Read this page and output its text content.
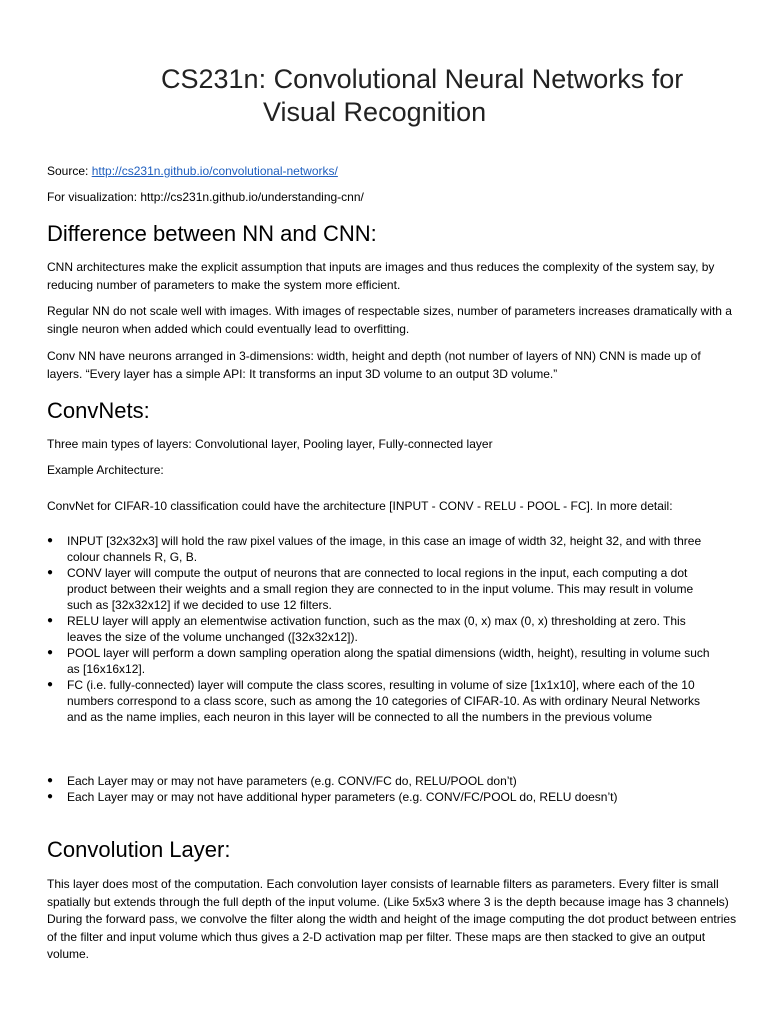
CS231n: Convolutional Neural Networks for
Visual Recognition
Source: http://cs231n.github.io/convolutional-networks/
For visualization: http://cs231n.github.io/understanding-cnn/
Difference between NN and CNN:
CNN architectures make the explicit assumption that inputs are images and thus reduces the complexity of the system say, by reducing number of parameters to make the system more efficient.
Regular NN do not scale well with images. With images of respectable sizes, number of parameters increases dramatically with a single neuron when added which could eventually lead to overfitting.
Conv NN have neurons arranged in 3-dimensions: width, height and depth (not number of layers of NN) CNN is made up of layers. “Every layer has a simple API: It transforms an input 3D volume to an output 3D volume.”
ConvNets:
Three main types of layers: Convolutional layer, Pooling layer, Fully-connected layer
Example Architecture:
ConvNet for CIFAR-10 classification could have the architecture [INPUT - CONV - RELU - POOL - FC]. In more detail:
●	INPUT [32x32x3] will hold the raw pixel values of the image, in this case an image of width 32, height 32, and with three colour channels R, G, B.
●	CONV layer will compute the output of neurons that are connected to local regions in the input, each computing a dot product between their weights and a small region they are connected to in the input volume. This may result in volume such as [32x32x12] if we decided to use 12 filters.
●	RELU layer will apply an elementwise activation function, such as the max (0, x) max (0, x) thresholding at zero. This leaves the size of the volume unchanged ([32x32x12]).
●	POOL layer will perform a down sampling operation along the spatial dimensions (width, height), resulting in volume such as [16x16x12].
●	FC (i.e. fully-connected) layer will compute the class scores, resulting in volume of size [1x1x10], where each of the 10 numbers correspond to a class score, such as among the 10 categories of CIFAR-10. As with ordinary Neural Networks and as the name implies, each neuron in this layer will be connected to all the numbers in the previous volume
●	Each Layer may or may not have parameters (e.g. CONV/FC do, RELU/POOL don’t)
●	Each Layer may or may not have additional hyper parameters (e.g. CONV/FC/POOL do, RELU doesn’t)
Convolution Layer:
This layer does most of the computation. Each convolution layer consists of learnable filters as parameters. Every filter is small spatially but extends through the full depth of the input volume. (Like 5x5x3 where 3 is the depth because image has 3 channels) During the forward pass, we convolve the filter along the width and height of the image computing the dot product between entries of the filter and input volume which thus gives a 2-D activation map per filter. These maps are then stacked to give an output volume.
